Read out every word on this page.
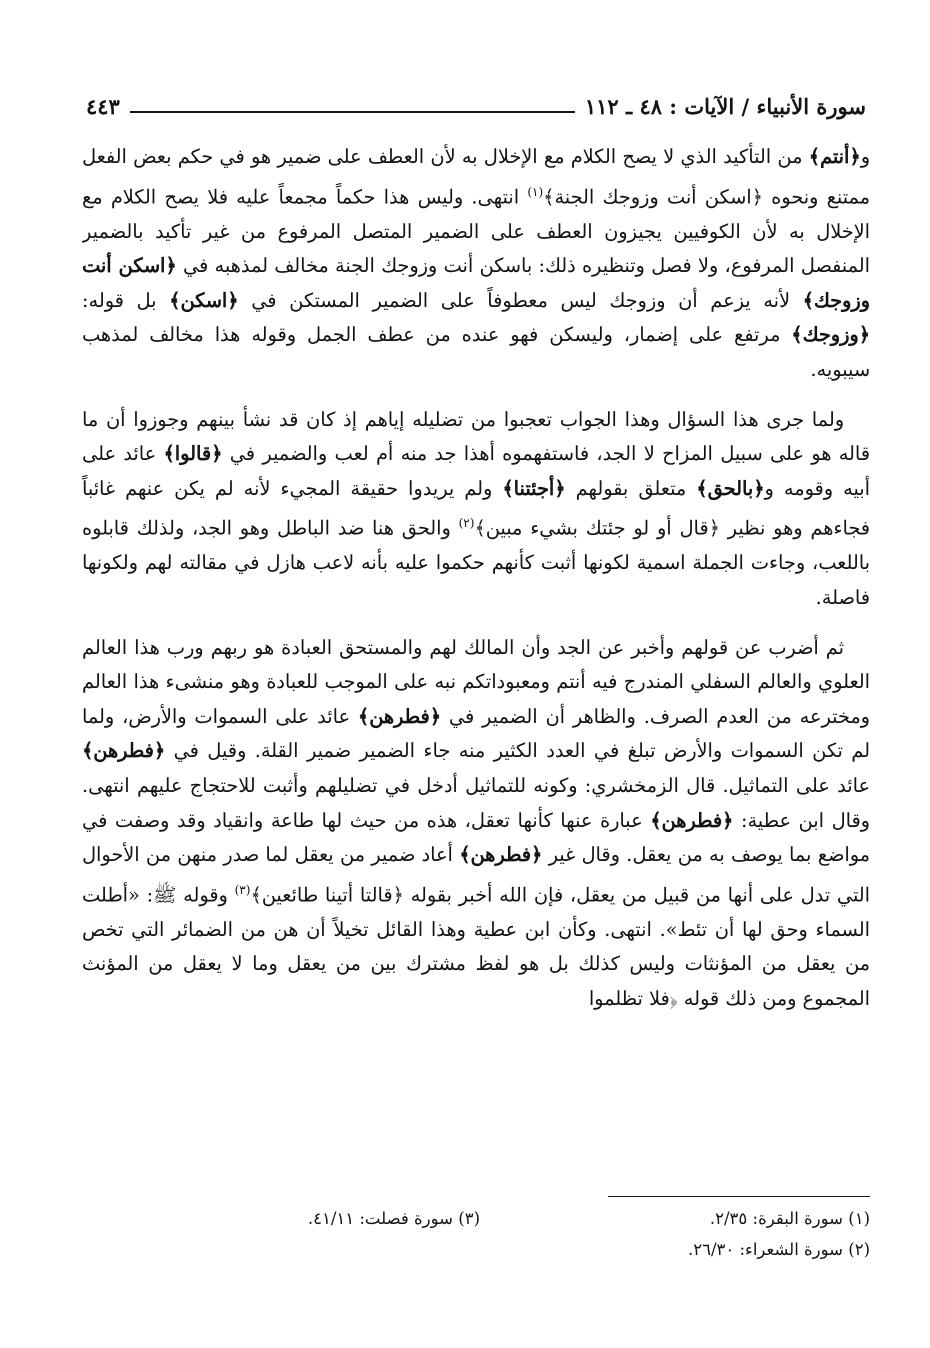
سورة الأنبياء / الآيات : ٤٨ ـ ١١٢
٤٤٣

و﴿أنتم﴾ من التأكيد الذي لا يصح الكلام مع الإخلال به لأن العطف على ضمير هو في حكم بعض الفعل ممتنع ونحوه ﴿اسكن أنت وزوجك الجنة﴾$^{(١)}$ انتهى. وليس هذا حكماً مجمعاً عليه فلا يصح الكلام مع الإخلال به لأن الكوفيين يجيزون العطف على الضمير المتصل المرفوع من غير تأكيد بالضمير المنفصل المرفوع، ولا فصل وتنظيره ذلك: باسكن أنت وزوجك الجنة مخالف لمذهبه في ﴿اسكن أنت وزوجك﴾ لأنه يزعم أن وزوجك ليس معطوفاً على الضمير المستكن في ﴿اسكن﴾ بل قوله: ﴿وزوجك﴾ مرتفع على إضمار، وليسكن فهو عنده من عطف الجمل وقوله هذا مخالف لمذهب سيبويه.

ولما جرى هذا السؤال وهذا الجواب تعجبوا من تضليله إياهم إذ كان قد نشأ بينهم وجوزوا أن ما قاله هو على سبيل المزاح لا الجد، فاستفهموه أهذا جد منه أم لعب والضمير في ﴿قالوا﴾ عائد على أبيه وقومه و﴿بالحق﴾ متعلق بقولهم ﴿أجئتنا﴾ ولم يريدوا حقيقة المجيء لأنه لم يكن عنهم غائباً فجاءهم وهو نظير ﴿قال أو لو جئتك بشيء مبين﴾$^{(٢)}$ والحق هنا ضد الباطل وهو الجد، ولذلك قابلوه باللعب، وجاءت الجملة اسمية لكونها أثبت كأنهم حكموا عليه بأنه لاعب هازل في مقالته لهم ولكونها فاصلة.

ثم أضرب عن قولهم وأخبر عن الجد وأن المالك لهم والمستحق العبادة هو ربهم ورب هذا العالم العلوي والعالم السفلي المندرج فيه أنتم ومعبوداتكم نبه على الموجب للعبادة وهو منشىء هذا العالم ومخترعه من العدم الصرف. والظاهر أن الضمير في ﴿فطرهن﴾ عائد على السموات والأرض، ولما لم تكن السموات والأرض تبلغ في العدد الكثير منه جاء الضمير ضمير القلة. وقيل في ﴿فطرهن﴾ عائد على التماثيل. قال الزمخشري: وكونه للتماثيل أدخل في تضليلهم وأثبت للاحتجاج عليهم انتهى. وقال ابن عطية: ﴿فطرهن﴾ عبارة عنها كأنها تعقل، هذه من حيث لها طاعة وانقياد وقد وصفت في مواضع بما يوصف به من يعقل. وقال غير ﴿فطرهن﴾ أعاد ضمير من يعقل لما صدر منهن من الأحوال التي تدل على أنها من قبيل من يعقل، فإن الله أخبر بقوله ﴿قالتا أتينا طائعين﴾$^{(٣)}$ وقوله ﷺ: «أطلت السماء وحق لها أن تئط». انتهى. وكأن ابن عطية وهذا القائل تخيلاً أن هن من الضمائر التي تخص من يعقل من المؤنثات وليس كذلك بل هو لفظ مشترك بين من يعقل وما لا يعقل من المؤنث المجموع ومن ذلك قوله ﴿فلا تظلموا

(١) سورة البقرة: ٢/٣٥.
(٣) سورة فصلت: ٤١/١١.
(٢) سورة الشعراء: ٢٦/٣٠.
